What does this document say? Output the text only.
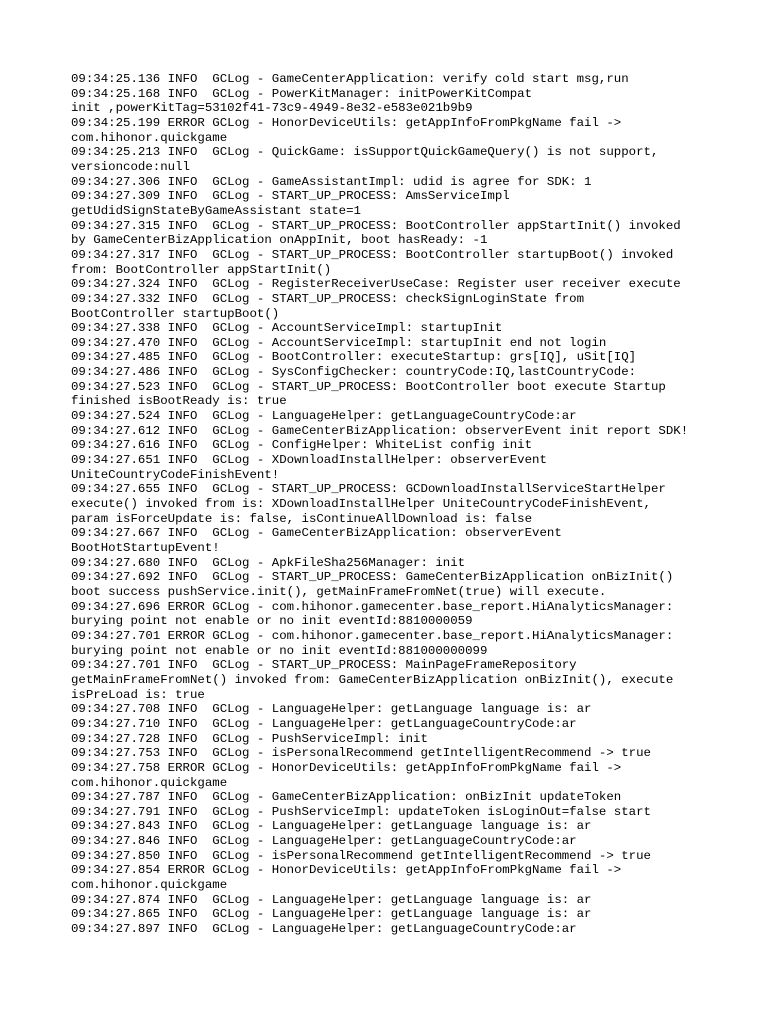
09:34:25.136 INFO  GCLog - GameCenterApplication: verify cold start msg,run
09:34:25.168 INFO  GCLog - PowerKitManager: initPowerKitCompat
init ,powerKitTag=53102f41-73c9-4949-8e32-e583e021b9b9
09:34:25.199 ERROR GCLog - HonorDeviceUtils: getAppInfoFromPkgName fail ->
com.hihonor.quickgame
09:34:25.213 INFO  GCLog - QuickGame: isSupportQuickGameQuery() is not support,
versioncode:null
09:34:27.306 INFO  GCLog - GameAssistantImpl: udid is agree for SDK: 1
09:34:27.309 INFO  GCLog - START_UP_PROCESS: AmsServiceImpl
getUdidSignStateByGameAssistant state=1
09:34:27.315 INFO  GCLog - START_UP_PROCESS: BootController appStartInit() invoked
by GameCenterBizApplication onAppInit, boot hasReady: -1
09:34:27.317 INFO  GCLog - START_UP_PROCESS: BootController startupBoot() invoked
from: BootController appStartInit()
09:34:27.324 INFO  GCLog - RegisterReceiverUseCase: Register user receiver execute
09:34:27.332 INFO  GCLog - START_UP_PROCESS: checkSignLoginState from
BootController startupBoot()
09:34:27.338 INFO  GCLog - AccountServiceImpl: startupInit
09:34:27.470 INFO  GCLog - AccountServiceImpl: startupInit end not login
09:34:27.485 INFO  GCLog - BootController: executeStartup: grs[IQ], uSit[IQ]
09:34:27.486 INFO  GCLog - SysConfigChecker: countryCode:IQ,lastCountryCode:
09:34:27.523 INFO  GCLog - START_UP_PROCESS: BootController boot execute Startup
finished isBootReady is: true
09:34:27.524 INFO  GCLog - LanguageHelper: getLanguageCountryCode:ar
09:34:27.612 INFO  GCLog - GameCenterBizApplication: observerEvent init report SDK!
09:34:27.616 INFO  GCLog - ConfigHelper: WhiteList config init
09:34:27.651 INFO  GCLog - XDownloadInstallHelper: observerEvent
UniteCountryCodeFinishEvent!
09:34:27.655 INFO  GCLog - START_UP_PROCESS: GCDownloadInstallServiceStartHelper
execute() invoked from is: XDownloadInstallHelper UniteCountryCodeFinishEvent,
param isForceUpdate is: false, isContinueAllDownload is: false
09:34:27.667 INFO  GCLog - GameCenterBizApplication: observerEvent
BootHotStartupEvent!
09:34:27.680 INFO  GCLog - ApkFileSha256Manager: init
09:34:27.692 INFO  GCLog - START_UP_PROCESS: GameCenterBizApplication onBizInit()
boot success pushService.init(), getMainFrameFromNet(true) will execute.
09:34:27.696 ERROR GCLog - com.hihonor.gamecenter.base_report.HiAnalyticsManager:
burying point not enable or no init eventId:8810000059
09:34:27.701 ERROR GCLog - com.hihonor.gamecenter.base_report.HiAnalyticsManager:
burying point not enable or no init eventId:881000000099
09:34:27.701 INFO  GCLog - START_UP_PROCESS: MainPageFrameRepository
getMainFrameFromNet() invoked from: GameCenterBizApplication onBizInit(), execute
isPreLoad is: true
09:34:27.708 INFO  GCLog - LanguageHelper: getLanguage language is: ar
09:34:27.710 INFO  GCLog - LanguageHelper: getLanguageCountryCode:ar
09:34:27.728 INFO  GCLog - PushServiceImpl: init
09:34:27.753 INFO  GCLog - isPersonalRecommend getIntelligentRecommend -> true
09:34:27.758 ERROR GCLog - HonorDeviceUtils: getAppInfoFromPkgName fail ->
com.hihonor.quickgame
09:34:27.787 INFO  GCLog - GameCenterBizApplication: onBizInit updateToken
09:34:27.791 INFO  GCLog - PushServiceImpl: updateToken isLoginOut=false start
09:34:27.843 INFO  GCLog - LanguageHelper: getLanguage language is: ar
09:34:27.846 INFO  GCLog - LanguageHelper: getLanguageCountryCode:ar
09:34:27.850 INFO  GCLog - isPersonalRecommend getIntelligentRecommend -> true
09:34:27.854 ERROR GCLog - HonorDeviceUtils: getAppInfoFromPkgName fail ->
com.hihonor.quickgame
09:34:27.874 INFO  GCLog - LanguageHelper: getLanguage language is: ar
09:34:27.865 INFO  GCLog - LanguageHelper: getLanguage language is: ar
09:34:27.897 INFO  GCLog - LanguageHelper: getLanguageCountryCode:ar
